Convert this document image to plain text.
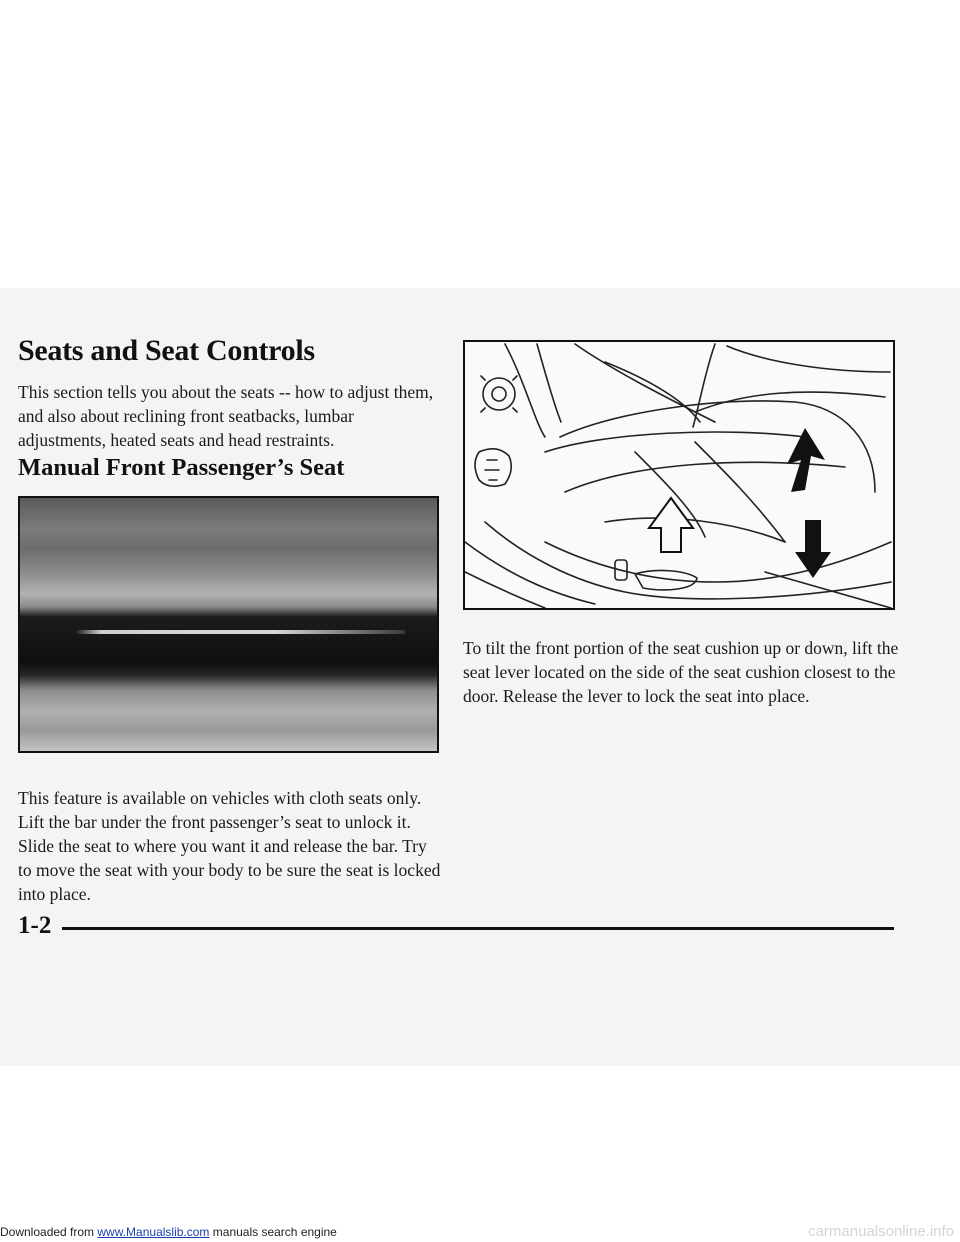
Seats and Seat Controls

This section tells you about the seats -- how to adjust them, and also about reclining front seatbacks, lumbar adjustments, heated seats and head restraints.

Manual Front Passenger’s Seat

This feature is available on vehicles with cloth seats only. Lift the bar under the front passenger’s seat to unlock it. Slide the seat to where you want it and release the bar. Try to move the seat with your body to be sure the seat is locked into place.

To tilt the front portion of the seat cushion up or down, lift the seat lever located on the side of the seat cushion closest to the door. Release the lever to lock the seat into place.

1-2

Downloaded from www.Manualslib.com manuals search engine	carmanualsonline.info
